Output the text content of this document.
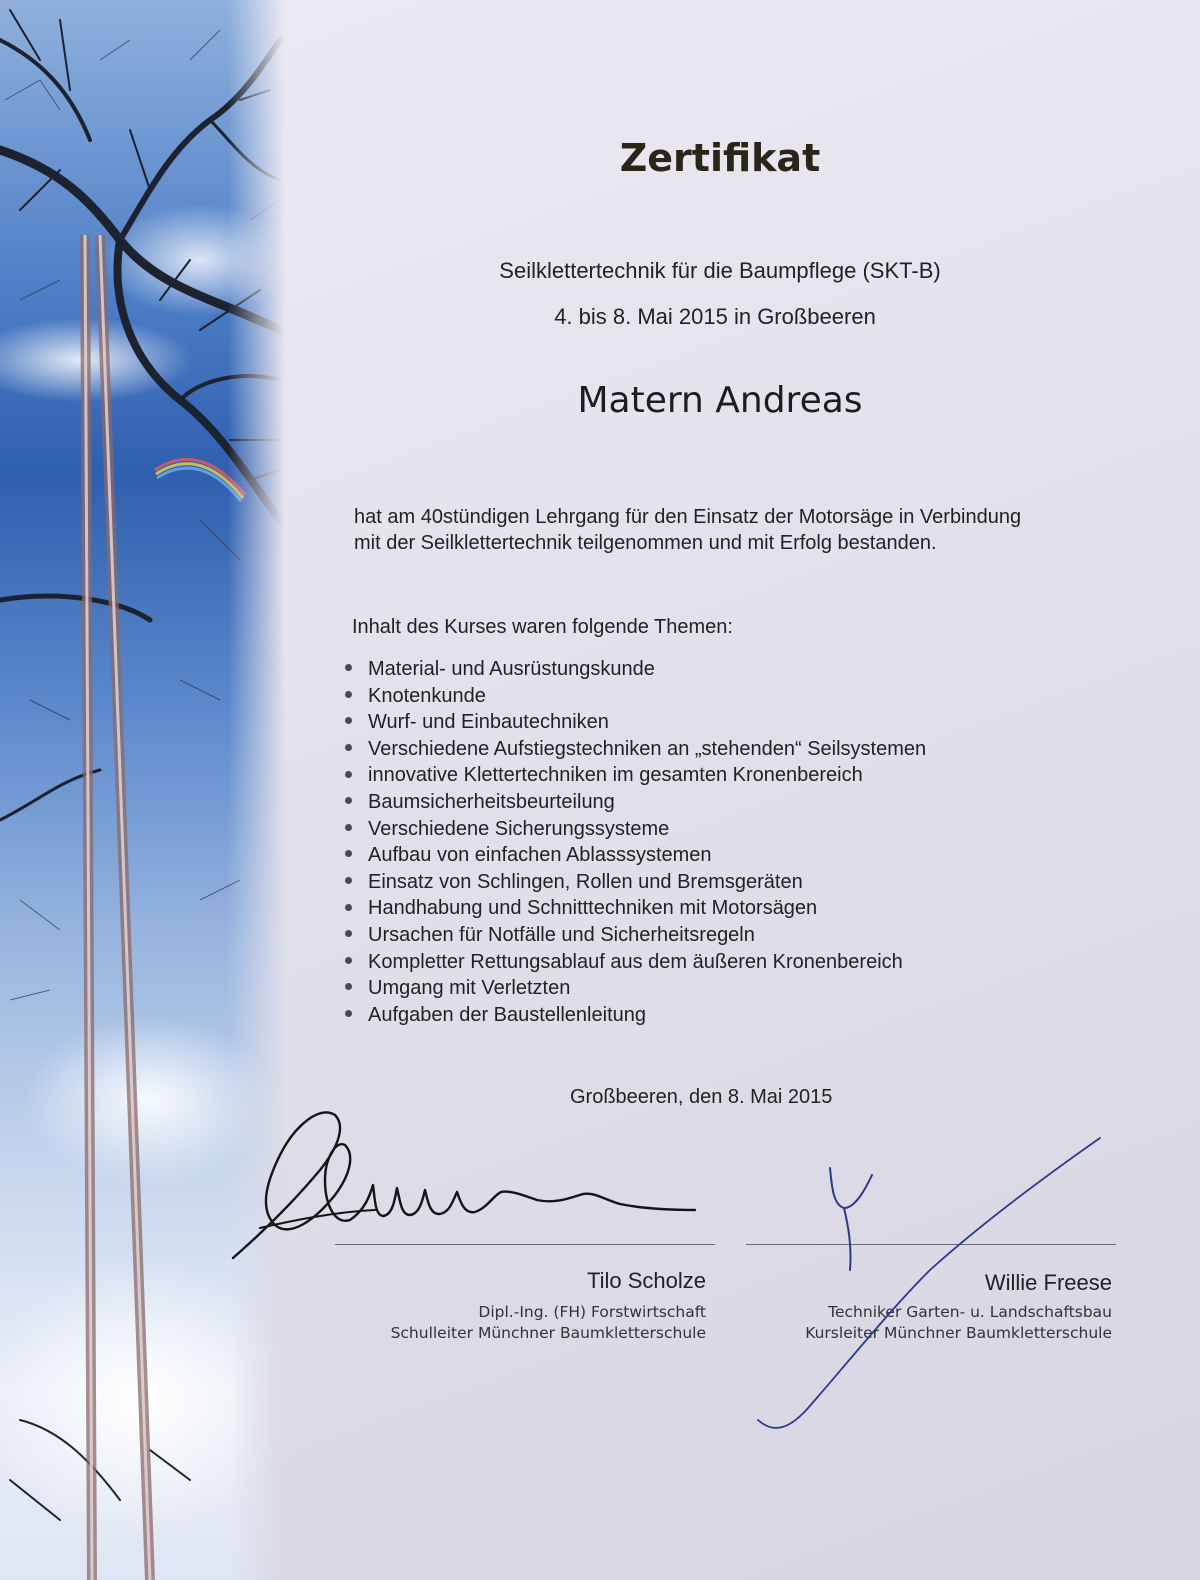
Zertifikat
Seilklettertechnik für die Baumpflege (SKT-B)
4. bis 8. Mai 2015 in Großbeeren
Matern Andreas
hat am 40stündigen Lehrgang für den Einsatz der Motorsäge in Verbindung
mit der Seilklettertechnik teilgenommen und mit Erfolg bestanden.
Inhalt des Kurses waren folgende Themen:
Material- und Ausrüstungskunde
Knotenkunde
Wurf- und Einbautechniken
Verschiedene Aufstiegstechniken an „stehenden“ Seilsystemen
innovative Klettertechniken im gesamten Kronenbereich
Baumsicherheitsbeurteilung
Verschiedene Sicherungssysteme
Aufbau von einfachen Ablasssystemen
Einsatz von Schlingen, Rollen und Bremsgeräten
Handhabung und Schnitttechniken mit Motorsägen
Ursachen für Notfälle und Sicherheitsregeln
Kompletter Rettungsablauf aus dem äußeren Kronenbereich
Umgang mit Verletzten
Aufgaben der Baustellenleitung
Großbeeren, den 8. Mai 2015
Tilo Scholze
Dipl.-Ing. (FH) Forstwirtschaft
Schulleiter Münchner Baumkletterschule
Willie Freese
Techniker Garten- u. Landschaftsbau
Kursleiter Münchner Baumkletterschule
